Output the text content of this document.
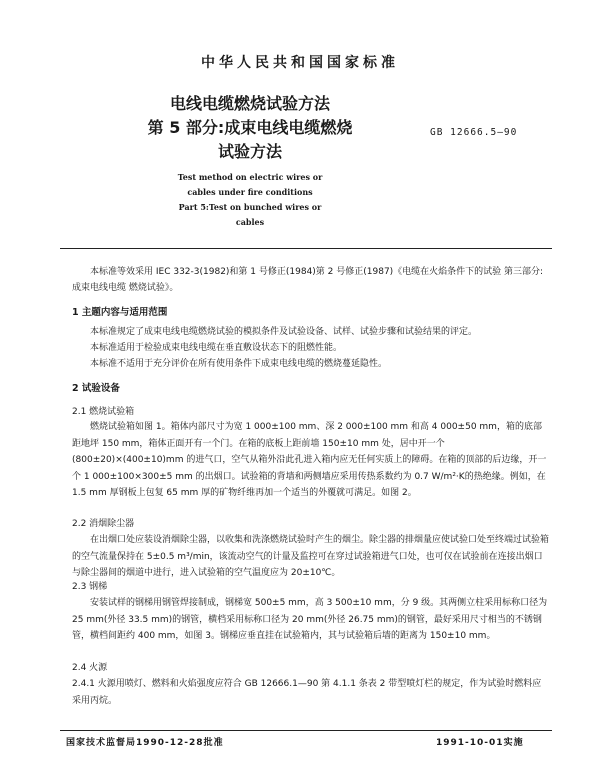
中华人民共和国国家标准
电线电缆燃烧试验方法
第 5 部分:成束电线电缆燃烧
试验方法
GB 12666.5—90
Test method on electric wires or
cables under fire conditions
Part 5:Test on bunched wires or
cables
本标准等效采用 IEC 332-3(1982)和第 1 号修正(1984)第 2 号修正(1987)《电缆在火焰条件下的试验 第三部分:成束电线电缆 燃烧试验》。
1 主题内容与适用范围
本标准规定了成束电线电缆燃烧试验的模拟条件及试验设备、试样、试验步骤和试验结果的评定。
本标准适用于检验成束电线电缆在垂直敷设状态下的阻燃性能。
本标准不适用于充分评价在所有使用条件下成束电线电缆的燃烧蔓延隐性。
2 试验设备
2.1 燃烧试验箱
燃烧试验箱如图 1。箱体内部尺寸为宽 1 000±100 mm、深 2 000±100 mm 和高 4 000±50 mm，箱的底部距地坪 150 mm，箱体正面开有一个门。在箱的底板上距前墙 150±10 mm 处，居中开一个(800±20)×(400±10)mm 的进气口，空气从箱外沿此孔进入箱内应无任何实质上的障碍。在箱的顶部的后边缘，开一个 1 000±100×300±5 mm 的出烟口。试验箱的背墙和两侧墙应采用传热系数约为 0.7 W/m²·K的热绝缘。例如，在 1.5 mm 厚钢板上包复 65 mm 厚的矿物纤维再加一个适当的外覆就可满足。如图 2。
2.2 消烟除尘器
在出烟口处应装设消烟除尘器，以收集和洗涤燃烧试验时产生的烟尘。除尘器的排烟量应使试验口处至终端过试验箱的空气流量保持在 5±0.5 m³/min，该流动空气的计量及监控可在穿过试验箱进气口处，也可仅在试验前在连接出烟口与除尘器间的烟道中进行，进入试验箱的空气温度应为 20±10℃。
2.3 钢梯
安装试样的钢梯用钢管焊接制成，钢梯宽 500±5 mm，高 3 500±10 mm，分 9 级。其两侧立柱采用标称口径为 25 mm(外径 33.5 mm)的钢管，横档采用标称口径为 20 mm(外径 26.75 mm)的钢管，最好采用尺寸相当的不锈钢管，横档间距约 400 mm，如图 3。钢梯应垂直挂在试验箱内，其与试验箱后墙的距离为 150±10 mm。
2.4 火源
2.4.1 火源用喷灯、燃料和火焰强度应符合 GB 12666.1—90 第 4.1.1 条表 2 带型喷灯栏的规定，作为试验时燃料应采用丙烷。
国家技术监督局1990-12-28批准	1991-10-01实施
